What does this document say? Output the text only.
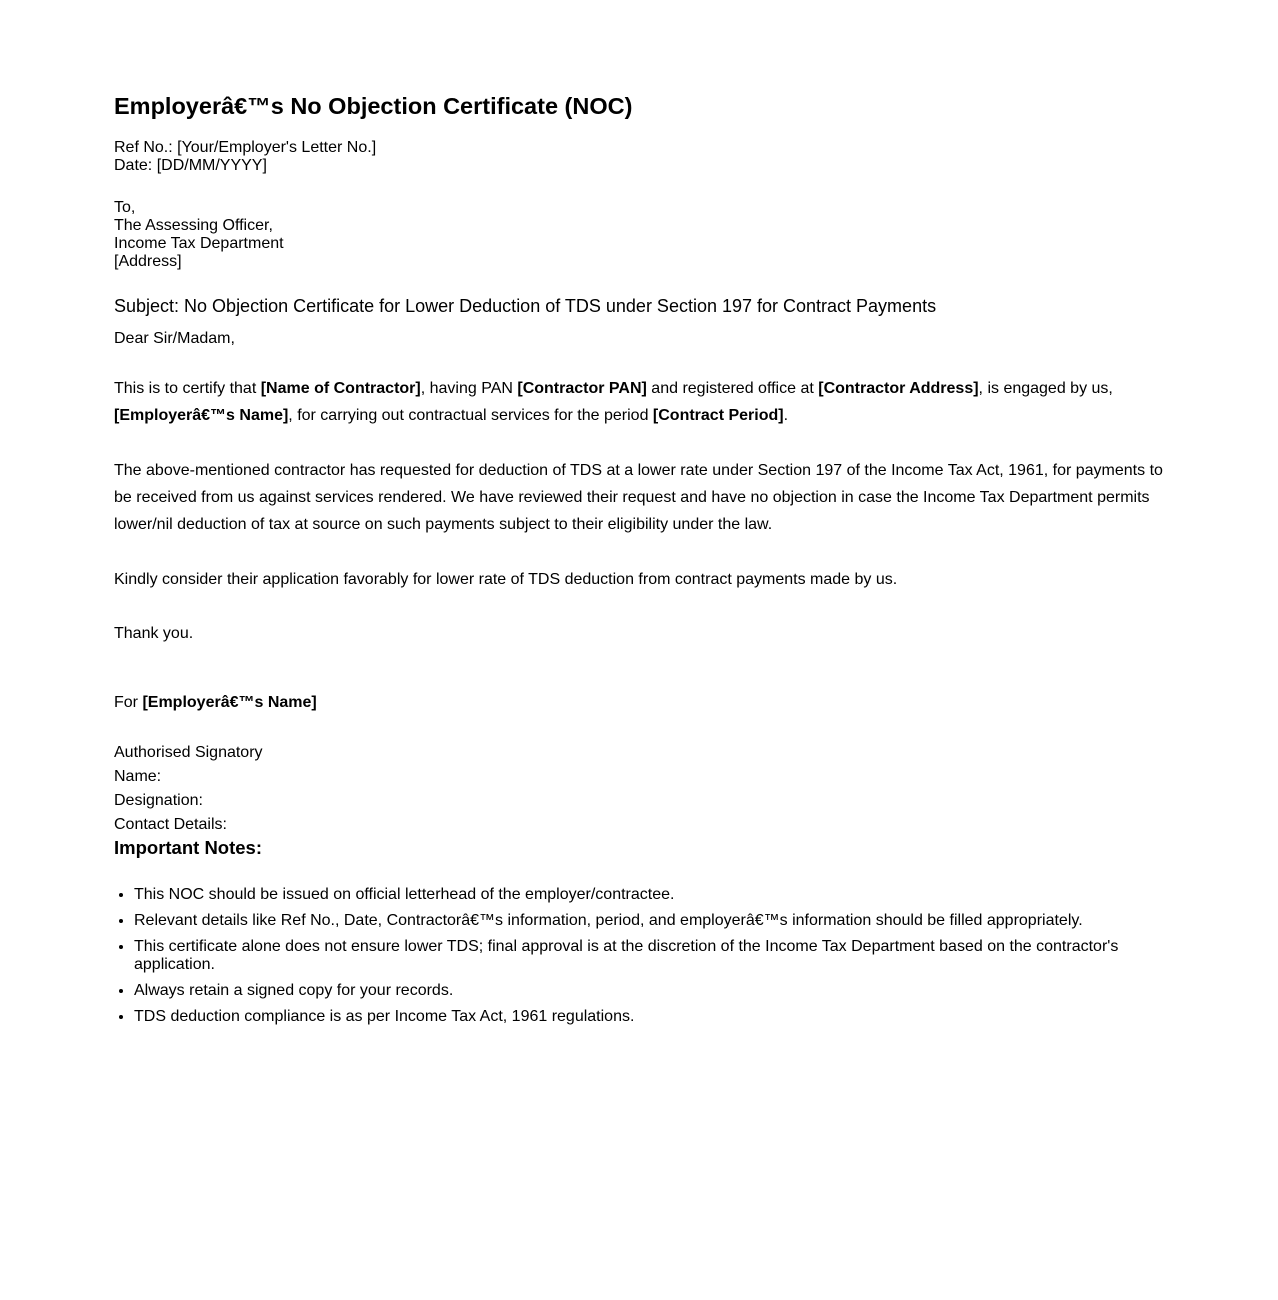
Employerâ€™s No Objection Certificate (NOC)
Ref No.: [Your/Employer's Letter No.]
Date: [DD/MM/YYYY]
To,
The Assessing Officer,
Income Tax Department
[Address]
Subject: No Objection Certificate for Lower Deduction of TDS under Section 197 for Contract Payments
Dear Sir/Madam,

This is to certify that [Name of Contractor], having PAN [Contractor PAN] and registered office at [Contractor Address], is engaged by us, [Employerâ€™s Name], for carrying out contractual services for the period [Contract Period].

The above-mentioned contractor has requested for deduction of TDS at a lower rate under Section 197 of the Income Tax Act, 1961, for payments to be received from us against services rendered. We have reviewed their request and have no objection in case the Income Tax Department permits lower/nil deduction of tax at source on such payments subject to their eligibility under the law.

Kindly consider their application favorably for lower rate of TDS deduction from contract payments made by us.

Thank you.

For [Employerâ€™s Name]
Authorised Signatory
Name:
Designation:
Contact Details:
Important Notes:
• This NOC should be issued on official letterhead of the employer/contractee.
• Relevant details like Ref No., Date, Contractorâ€™s information, period, and employerâ€™s information should be filled appropriately.
• This certificate alone does not ensure lower TDS; final approval is at the discretion of the Income Tax Department based on the contractor's application.
• Always retain a signed copy for your records.
• TDS deduction compliance is as per Income Tax Act, 1961 regulations.
